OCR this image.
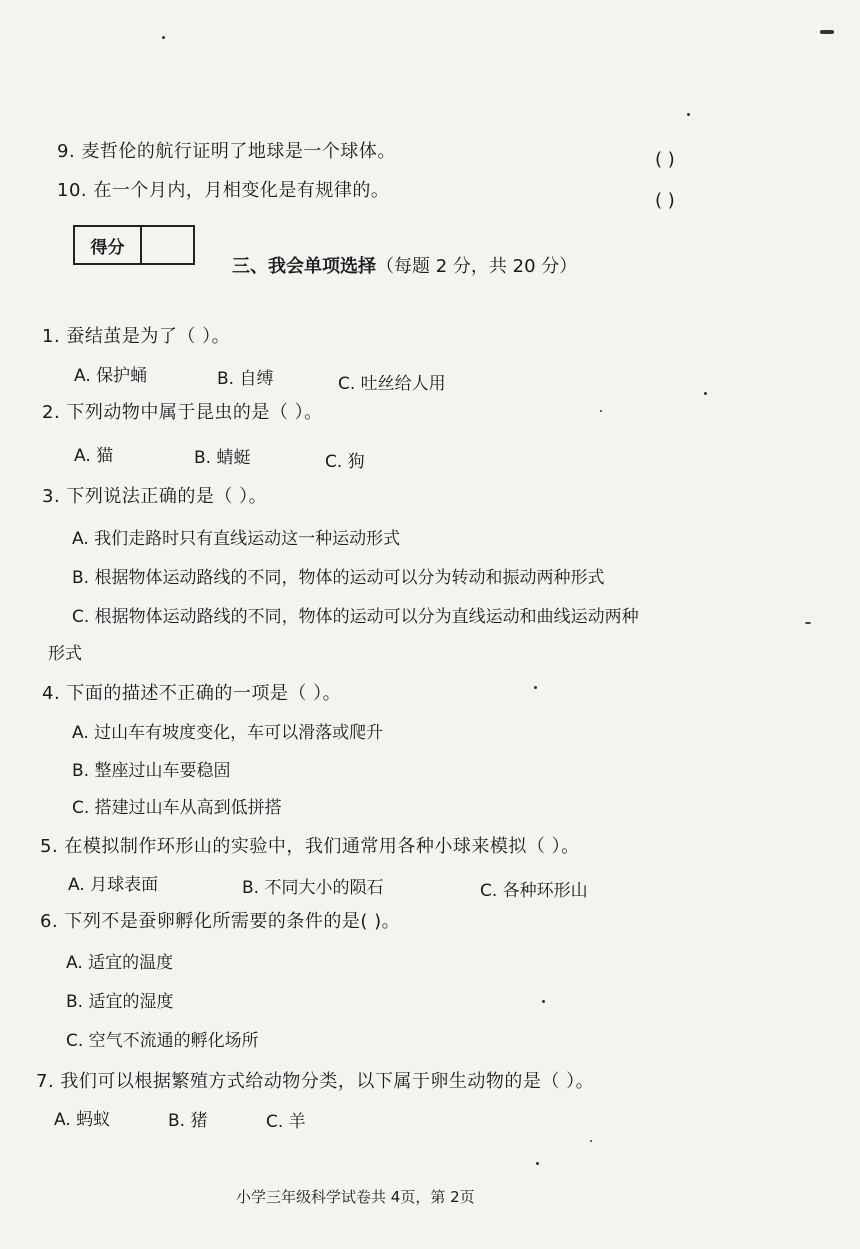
9. 麦哲伦的航行证明了地球是一个球体。	( )
10. 在一个月内，月相变化是有规律的。	( )
得分
三、我会单项选择（每题 2 分，共 20 分）
1. 蚕结茧是为了（ ）。
A. 保护蛹	B. 自缚	C. 吐丝给人用
2. 下列动物中属于昆虫的是（ ）。
A. 猫	B. 蜻蜓	C. 狗
3. 下列说法正确的是（ ）。
A. 我们走路时只有直线运动这一种运动形式
B. 根据物体运动路线的不同，物体的运动可以分为转动和振动两种形式
C. 根据物体运动路线的不同，物体的运动可以分为直线运动和曲线运动两种
形式
4. 下面的描述不正确的一项是（ ）。
A. 过山车有坡度变化，车可以滑落或爬升
B. 整座过山车要稳固
C. 搭建过山车从高到低拼搭
5. 在模拟制作环形山的实验中，我们通常用各种小球来模拟（ ）。
A. 月球表面	B. 不同大小的陨石	C. 各种环形山
6. 下列不是蚕卵孵化所需要的条件的是( )。
A. 适宜的温度
B. 适宜的湿度
C. 空气不流通的孵化场所
7. 我们可以根据繁殖方式给动物分类，以下属于卵生动物的是（ ）。
A. 蚂蚁	B. 猪	C. 羊
小学三年级科学试卷共 4页，第 2页
